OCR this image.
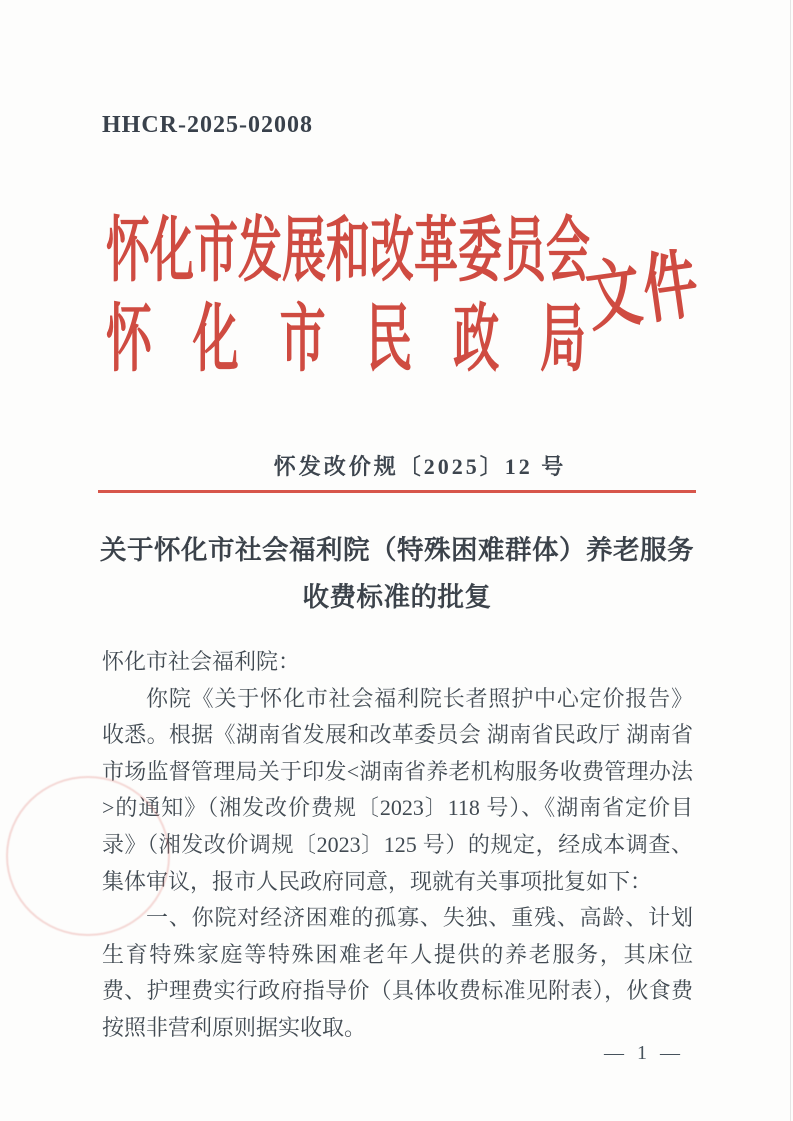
HHCR-2025-02008
怀化市发展和改革委员会
怀 化 市 民 政 局
文件
怀发改价规〔2025〕12 号
关于怀化市社会福利院（特殊困难群体）养老服务
收费标准的批复

怀化市社会福利院：

你院《关于怀化市社会福利院长者照护中心定价报告》收悉。根据《湖南省发展和改革委员会 湖南省民政厅 湖南省市场监督管理局关于印发<湖南省养老机构服务收费管理办法>的通知》（湘发改价费规〔2023〕118 号）、《湖南省定价目录》（湘发改价调规〔2023〕125 号）的规定，经成本调查、集体审议，报市人民政府同意，现就有关事项批复如下：

一、你院对经济困难的孤寡、失独、重残、高龄、计划生育特殊家庭等特殊困难老年人提供的养老服务，其床位费、护理费实行政府指导价（具体收费标准见附表），伙食费按照非营利原则据实收取。

— 1 —
